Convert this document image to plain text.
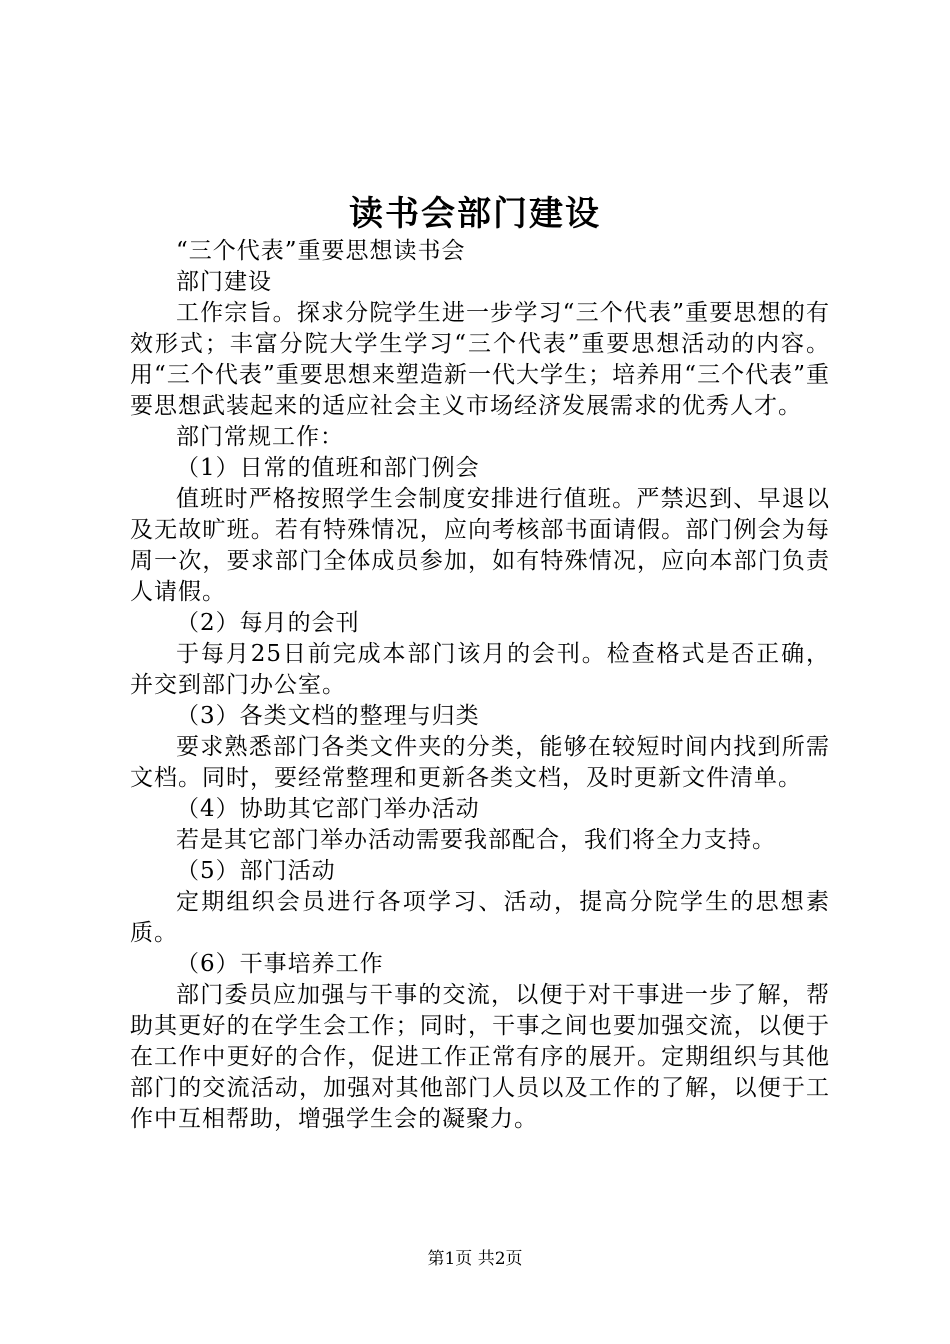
读书会部门建设

“三个代表”重要思想读书会

部门建设

工作宗旨。探求分院学生进一步学习“三个代表”重要思想的有效形式；丰富分院大学生学习“三个代表”重要思想活动的内容。用“三个代表”重要思想来塑造新一代大学生；培养用“三个代表”重要思想武装起来的适应社会主义市场经济发展需求的优秀人才。

部门常规工作：

（1）日常的值班和部门例会

值班时严格按照学生会制度安排进行值班。严禁迟到、早退以及无故旷班。若有特殊情况，应向考核部书面请假。部门例会为每周一次，要求部门全体成员参加，如有特殊情况，应向本部门负责人请假。

（2）每月的会刊

于每月25日前完成本部门该月的会刊。检查格式是否正确，并交到部门办公室。

（3）各类文档的整理与归类

要求熟悉部门各类文件夹的分类，能够在较短时间内找到所需文档。同时，要经常整理和更新各类文档，及时更新文件清单。

（4）协助其它部门举办活动

若是其它部门举办活动需要我部配合，我们将全力支持。

（5）部门活动

定期组织会员进行各项学习、活动，提高分院学生的思想素质。

（6）干事培养工作

部门委员应加强与干事的交流，以便于对干事进一步了解，帮助其更好的在学生会工作；同时，干事之间也要加强交流，以便于在工作中更好的合作，促进工作正常有序的展开。定期组织与其他部门的交流活动，加强对其他部门人员以及工作的了解，以便于工作中互相帮助，增强学生会的凝聚力。

第1页 共2页
